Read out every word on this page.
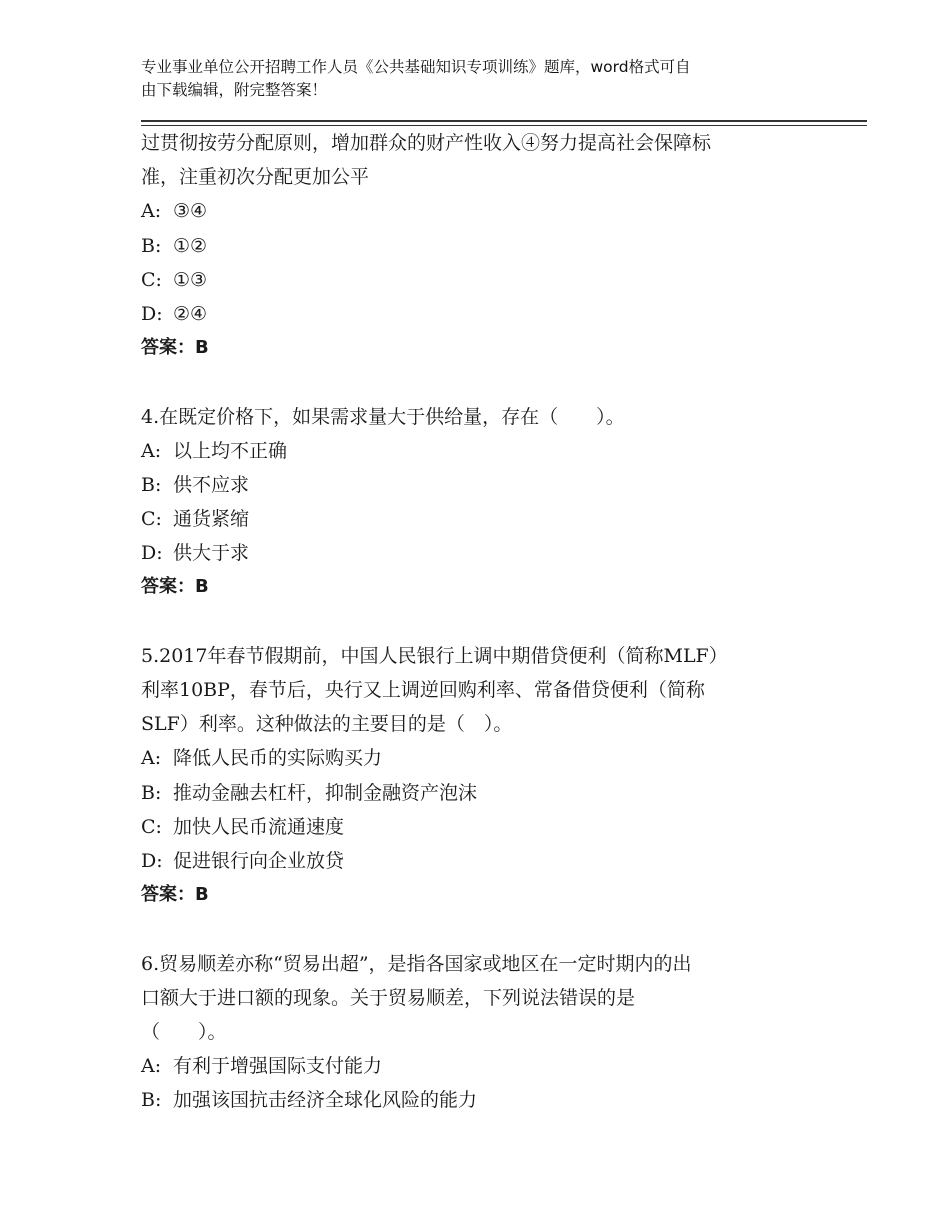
专业事业单位公开招聘工作人员《公共基础知识专项训练》题库，word格式可自
由下载编辑，附完整答案！
过贯彻按劳分配原则，增加群众的财产性收入④努力提高社会保障标
准，注重初次分配更加公平
A: ③④
B: ①②
C: ①③
D: ②④
答案：B
4.在既定价格下，如果需求量大于供给量，存在（　　）。
A: 以上均不正确
B: 供不应求
C: 通货紧缩
D: 供大于求
答案：B
5.2017年春节假期前，中国人民银行上调中期借贷便利（简称MLF）
利率10BP，春节后，央行又上调逆回购利率、常备借贷便利（简称
SLF）利率。这种做法的主要目的是（　）。
A: 降低人民币的实际购买力
B: 推动金融去杠杆，抑制金融资产泡沫
C: 加快人民币流通速度
D: 促进银行向企业放贷
答案：B
6.贸易顺差亦称“贸易出超”，是指各国家或地区在一定时期内的出
口额大于进口额的现象。关于贸易顺差，下列说法错误的是
（　　）。
A: 有利于增强国际支付能力
B: 加强该国抗击经济全球化风险的能力
